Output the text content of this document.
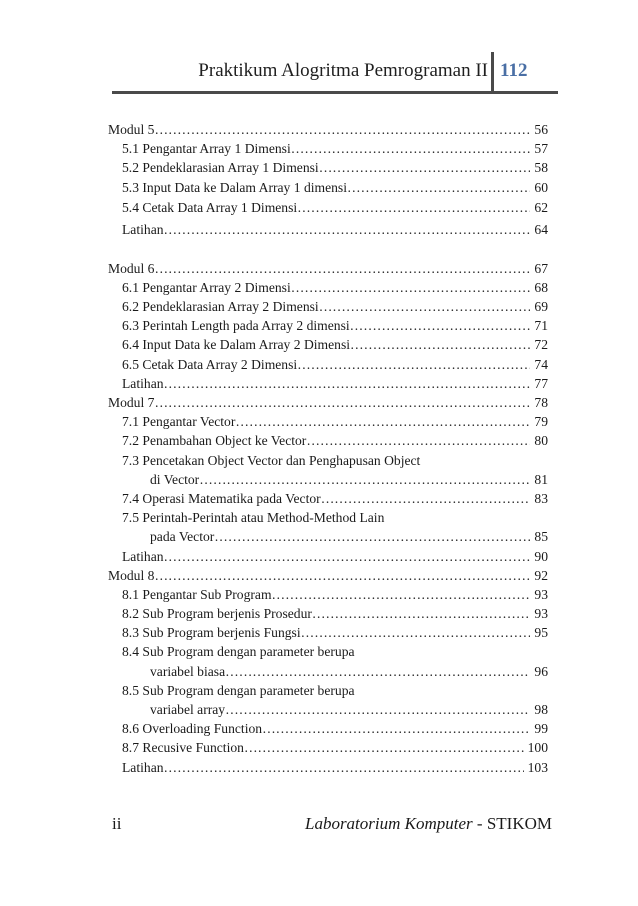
Praktikum Alogritma Pemrograman II 112
Modul 5 …………………………………………………………………………………………………………………………	56
5.1 Pengantar Array 1 Dimensi …………………………………………………………………………………………………………………………	57
5.2 Pendeklarasian Array 1 Dimensi …………………………………………………………………………………………………………………………	58
5.3 Input Data ke Dalam Array 1 dimensi …………………………………………………………………………………………………………………………	60
5.4 Cetak Data Array 1 Dimensi …………………………………………………………………………………………………………………………	62
Latihan …………………………………………………………………………………………………………………………	64
Modul 6 …………………………………………………………………………………………………………………………	67
6.1 Pengantar Array 2 Dimensi …………………………………………………………………………………………………………………………	68
6.2 Pendeklarasian Array 2 Dimensi …………………………………………………………………………………………………………………………	69
6.3 Perintah Length pada Array 2 dimensi …………………………………………………………………………………………………………………………	71
6.4 Input Data ke Dalam Array 2 Dimensi …………………………………………………………………………………………………………………………	72
6.5 Cetak Data Array 2 Dimensi …………………………………………………………………………………………………………………………	74
Latihan …………………………………………………………………………………………………………………………	77
Modul 7 …………………………………………………………………………………………………………………………	78
7.1 Pengantar Vector …………………………………………………………………………………………………………………………	79
7.2 Penambahan Object ke Vector …………………………………………………………………………………………………………………………	80
7.3 Pencetakan Object Vector dan Penghapusan Object
di Vector …………………………………………………………………………………………………………………………	81
7.4 Operasi Matematika pada Vector …………………………………………………………………………………………………………………………	83
7.5 Perintah-Perintah atau Method-Method Lain
pada Vector …………………………………………………………………………………………………………………………	85
Latihan …………………………………………………………………………………………………………………………	90
Modul 8 …………………………………………………………………………………………………………………………	92
8.1 Pengantar Sub Program …………………………………………………………………………………………………………………………	93
8.2 Sub Program berjenis Prosedur …………………………………………………………………………………………………………………………	93
8.3 Sub Program berjenis Fungsi …………………………………………………………………………………………………………………………	95
8.4 Sub Program dengan parameter berupa
variabel biasa …………………………………………………………………………………………………………………………	96
8.5 Sub Program dengan parameter berupa
variabel array …………………………………………………………………………………………………………………………	98
8.6 Overloading Function …………………………………………………………………………………………………………………………	99
8.7 Recusive Function …………………………………………………………………………………………………………………………	100
Latihan …………………………………………………………………………………………………………………………	103
ii	Laboratorium Komputer - STIKOM
